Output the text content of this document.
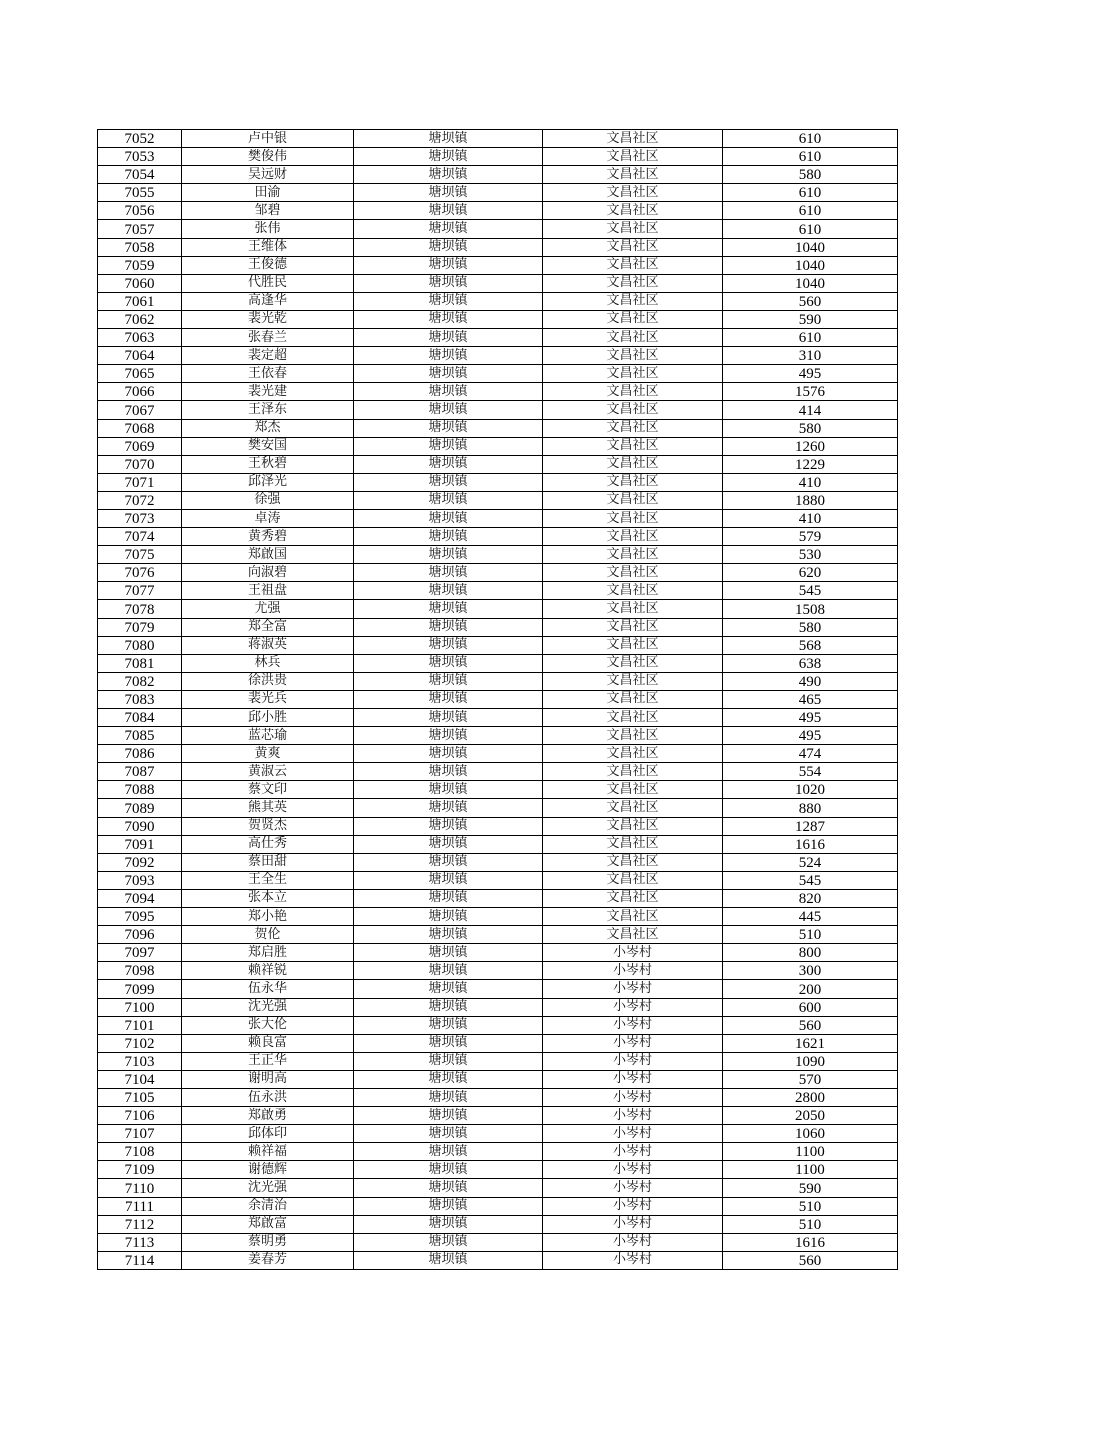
7052	卢中银	塘坝镇	文昌社区	610
7053	樊俊伟	塘坝镇	文昌社区	610
7054	吴远财	塘坝镇	文昌社区	580
7055	田渝	塘坝镇	文昌社区	610
7056	邹碧	塘坝镇	文昌社区	610
7057	张伟	塘坝镇	文昌社区	610
7058	王维体	塘坝镇	文昌社区	1040
7059	王俊德	塘坝镇	文昌社区	1040
7060	代胜民	塘坝镇	文昌社区	1040
7061	高逢华	塘坝镇	文昌社区	560
7062	裴光乾	塘坝镇	文昌社区	590
7063	张春兰	塘坝镇	文昌社区	610
7064	裴定超	塘坝镇	文昌社区	310
7065	王依春	塘坝镇	文昌社区	495
7066	裴光建	塘坝镇	文昌社区	1576
7067	王泽东	塘坝镇	文昌社区	414
7068	郑杰	塘坝镇	文昌社区	580
7069	樊安国	塘坝镇	文昌社区	1260
7070	王秋碧	塘坝镇	文昌社区	1229
7071	邱泽光	塘坝镇	文昌社区	410
7072	徐强	塘坝镇	文昌社区	1880
7073	卓涛	塘坝镇	文昌社区	410
7074	黄秀碧	塘坝镇	文昌社区	579
7075	郑啟国	塘坝镇	文昌社区	530
7076	向淑碧	塘坝镇	文昌社区	620
7077	王祖盘	塘坝镇	文昌社区	545
7078	尤强	塘坝镇	文昌社区	1508
7079	郑全富	塘坝镇	文昌社区	580
7080	蒋淑英	塘坝镇	文昌社区	568
7081	林兵	塘坝镇	文昌社区	638
7082	徐洪贵	塘坝镇	文昌社区	490
7083	裴光兵	塘坝镇	文昌社区	465
7084	邱小胜	塘坝镇	文昌社区	495
7085	蓝芯瑜	塘坝镇	文昌社区	495
7086	黄爽	塘坝镇	文昌社区	474
7087	黄淑云	塘坝镇	文昌社区	554
7088	蔡文印	塘坝镇	文昌社区	1020
7089	熊其英	塘坝镇	文昌社区	880
7090	贺贤杰	塘坝镇	文昌社区	1287
7091	高仕秀	塘坝镇	文昌社区	1616
7092	蔡田甜	塘坝镇	文昌社区	524
7093	王全生	塘坝镇	文昌社区	545
7094	张本立	塘坝镇	文昌社区	820
7095	郑小艳	塘坝镇	文昌社区	445
7096	贺伦	塘坝镇	文昌社区	510
7097	郑启胜	塘坝镇	小岑村	800
7098	赖祥锐	塘坝镇	小岑村	300
7099	伍永华	塘坝镇	小岑村	200
7100	沈光强	塘坝镇	小岑村	600
7101	张大伦	塘坝镇	小岑村	560
7102	赖良富	塘坝镇	小岑村	1621
7103	王正华	塘坝镇	小岑村	1090
7104	谢明高	塘坝镇	小岑村	570
7105	伍永洪	塘坝镇	小岑村	2800
7106	郑啟勇	塘坝镇	小岑村	2050
7107	邱体印	塘坝镇	小岑村	1060
7108	赖祥福	塘坝镇	小岑村	1100
7109	谢德辉	塘坝镇	小岑村	1100
7110	沈光强	塘坝镇	小岑村	590
7111	余清治	塘坝镇	小岑村	510
7112	郑啟富	塘坝镇	小岑村	510
7113	蔡明勇	塘坝镇	小岑村	1616
7114	姜春芳	塘坝镇	小岑村	560
